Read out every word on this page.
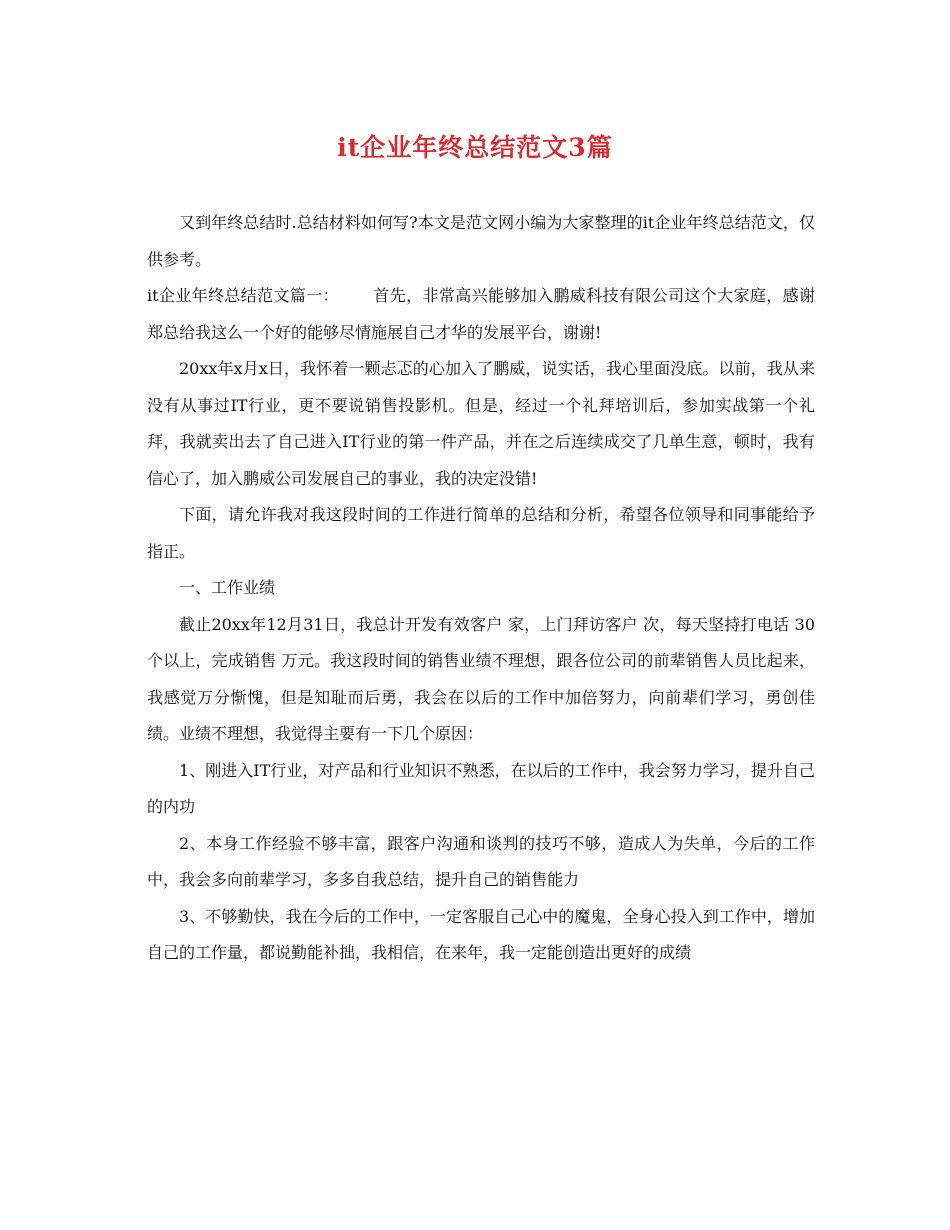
it企业年终总结范文3篇

又到年终总结时.总结材料如何写?本文是范文网小编为大家整理的it企业年终总结范文，仅供参考。

it企业年终总结范文篇一： 首先，非常高兴能够加入鹏威科技有限公司这个大家庭，感谢郑总给我这么一个好的能够尽情施展自己才华的发展平台，谢谢!

20xx年x月x日，我怀着一颗忐忑的心加入了鹏威，说实话，我心里面没底。以前，我从来没有从事过IT行业，更不要说销售投影机。但是，经过一个礼拜培训后，参加实战第一个礼拜，我就卖出去了自己进入IT行业的第一件产品，并在之后连续成交了几单生意，顿时，我有信心了，加入鹏威公司发展自己的事业，我的决定没错!

下面，请允许我对我这段时间的工作进行简单的总结和分析，希望各位领导和同事能给予指正。

一、工作业绩

截止20xx年12月31日，我总计开发有效客户 家，上门拜访客户 次，每天坚持打电话 30个以上，完成销售 万元。我这段时间的销售业绩不理想，跟各位公司的前辈销售人员比起来，我感觉万分惭愧，但是知耻而后勇，我会在以后的工作中加倍努力，向前辈们学习，勇创佳绩。业绩不理想，我觉得主要有一下几个原因：

1、刚进入IT行业，对产品和行业知识不熟悉，在以后的工作中，我会努力学习，提升自己的内功

2、本身工作经验不够丰富，跟客户沟通和谈判的技巧不够，造成人为失单，今后的工作中，我会多向前辈学习，多多自我总结，提升自己的销售能力

3、不够勤快，我在今后的工作中，一定客服自己心中的魔鬼，全身心投入到工作中，增加自己的工作量，都说勤能补拙，我相信，在来年，我一定能创造出更好的成绩
